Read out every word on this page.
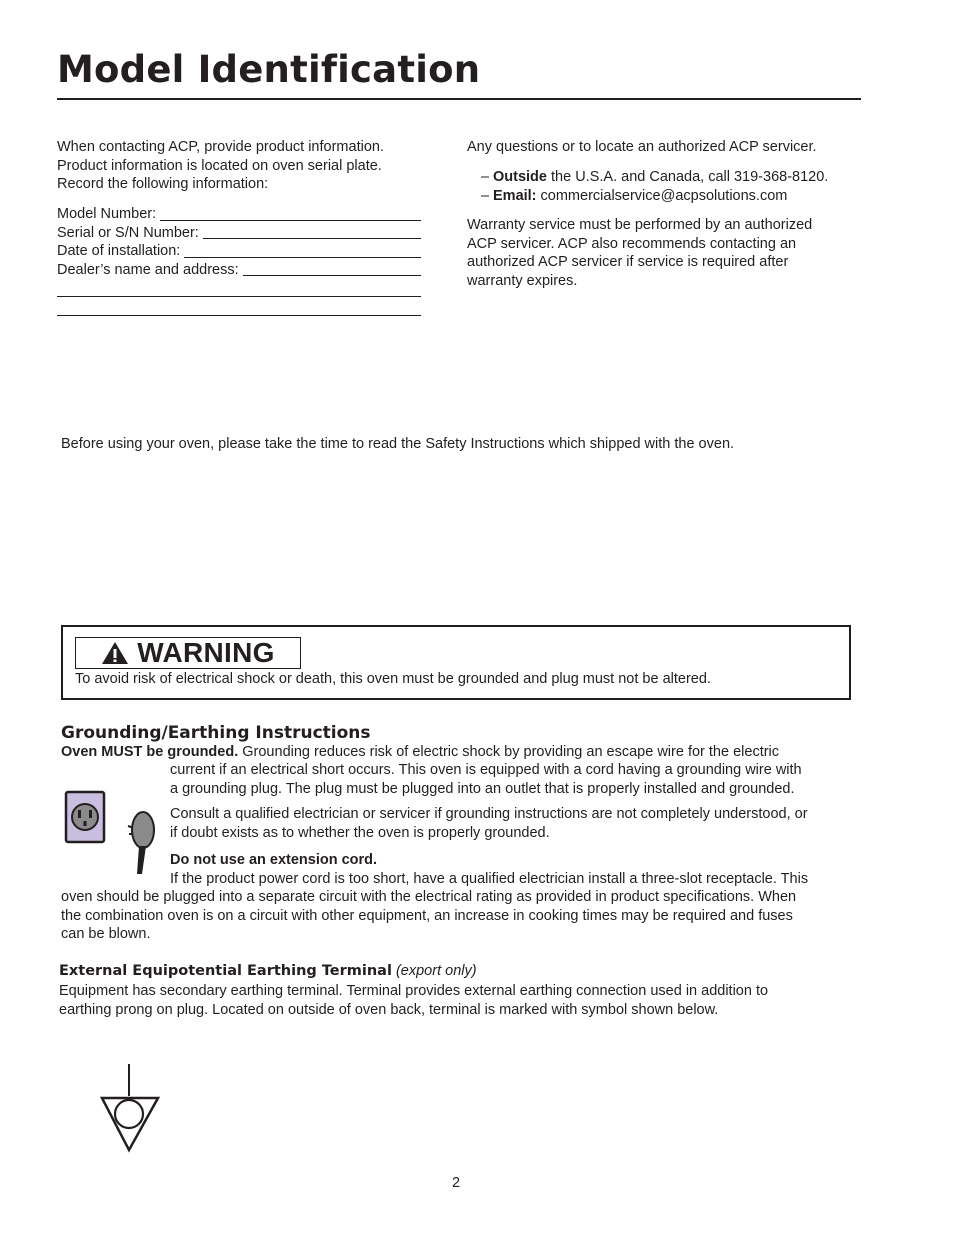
Model Identification
When contacting ACP, provide product information.
Product information is located on oven serial plate.
Record the following information:
Model Number:
Serial or S/N Number:
Date of installation:
Dealer’s name and address:
Any questions or to locate an authorized ACP servicer.
– Outside the U.S.A. and Canada, call 319-368-8120.
– Email: commercialservice@acpsolutions.com
Warranty service must be performed by an authorized
ACP servicer. ACP also recommends contacting an
authorized ACP servicer if service is required after
warranty expires.
Before using your oven, please take the time to read the Safety Instructions which shipped with the oven.
WARNING
To avoid risk of electrical shock or death, this oven must be grounded and plug must not be altered.
Grounding/Earthing Instructions
Oven MUST be grounded. Grounding reduces risk of electric shock by providing an escape wire for the electric
current if an electrical short occurs. This oven is equipped with a cord having a grounding wire with
a grounding plug. The plug must be plugged into an outlet that is properly installed and grounded.
Consult a qualified electrician or servicer if grounding instructions are not completely understood, or
if doubt exists as to whether the oven is properly grounded.
Do not use an extension cord.
If the product power cord is too short, have a qualified electrician install a three-slot receptacle. This
oven should be plugged into a separate circuit with the electrical rating as provided in product specifications. When
the combination oven is on a circuit with other equipment, an increase in cooking times may be required and fuses
can be blown.
External Equipotential Earthing Terminal (export only)
Equipment has secondary earthing terminal. Terminal provides external earthing connection used in addition to
earthing prong on plug. Located on outside of oven back, terminal is marked with symbol shown below.
2
